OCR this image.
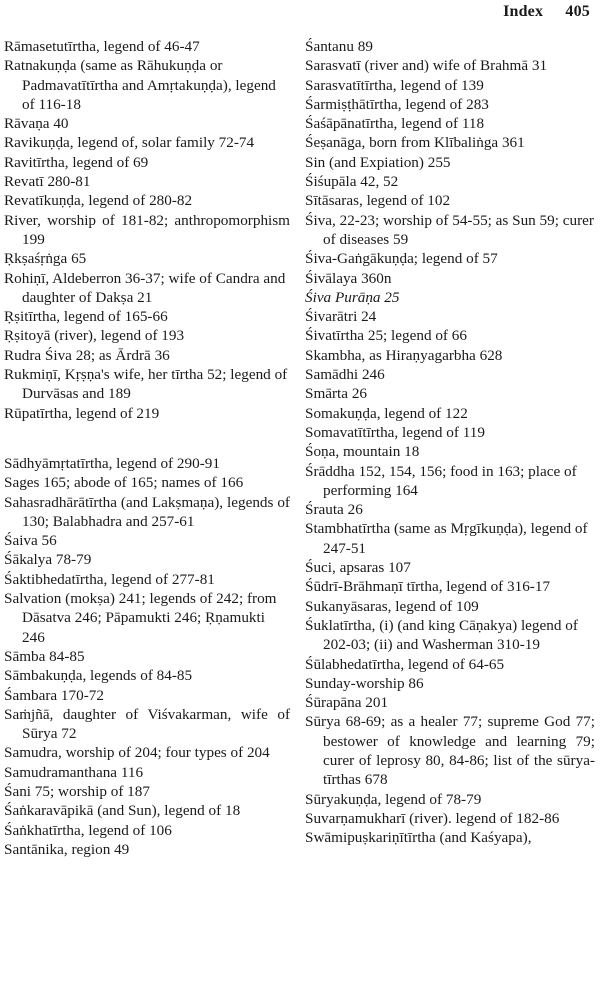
Index 405
Rāmasetutīrtha, legend of 46-47
Ratnakuṇḍa (same as Rāhukuṇḍa or Padmavatītīrtha and Amṛtakuṇḍa), legend of 116-18
Rāvaṇa 40
Ravikuṇḍa, legend of, solar family 72-74
Ravitīrtha, legend of 69
Revatī 280-81
Revatīkuṇḍa, legend of 280-82
River, worship of 181-82; anthropomorphism 199
Ṛkṣaśṛṅga 65
Rohiṇī, Aldeberron 36-37; wife of Candra and daughter of Dakṣa 21
Ṛṣitīrtha, legend of 165-66
Ṛṣitoyā (river), legend of 193
Rudra Śiva 28; as Ārdrā 36
Rukmiṇī, Kṛṣṇa's wife, her tīrtha 52; legend of Durvāsas and 189
Rūpatīrtha, legend of 219
Sādhyāmṛtatīrtha, legend of 290-91
Sages 165; abode of 165; names of 166
Sahasradhārātīrtha (and Lakṣmaṇa), legends of 130; Balabhadra and 257-61
Śaiva 56
Śākalya 78-79
Śaktibhedatīrtha, legend of 277-81
Salvation (mokṣa) 241; legends of 242; from Dāsatva 246; Pāpamukti 246; Ṛṇamukti 246
Sāmba 84-85
Sāmbakuṇḍa, legends of 84-85
Śambara 170-72
Saṁjñā, daughter of Viśvakarman, wife of Sūrya 72
Samudra, worship of 204; four types of 204
Samudramanthana 116
Śani 75; worship of 187
Śaṅkaravāpikā (and Sun), legend of 18
Śaṅkhatīrtha, legend of 106
Santānika, region 49
Śantanu 89
Sarasvatī (river and) wife of Brahmā 31
Sarasvatītīrtha, legend of 139
Śarmiṣṭhātīrtha, legend of 283
Śaśāpānatīrtha, legend of 118
Śeṣanāga, born from Klībaliṅga 361
Sin (and Expiation) 255
Śiśupāla 42, 52
Sītāsaras, legend of 102
Śiva, 22-23; worship of 54-55; as Sun 59; curer of diseases 59
Śiva-Gaṅgākuṇḍa; legend of 57
Śivālaya 360n
Śiva Purāṇa 25
Śivarātri 24
Śivatīrtha 25; legend of 66
Skambha, as Hiraṇyagarbha 628
Samādhi 246
Smārta 26
Somakuṇḍa, legend of 122
Somavatītīrtha, legend of 119
Śoṇa, mountain 18
Śrāddha 152, 154, 156; food in 163; place of performing 164
Śrauta 26
Stambhatīrtha (same as Mṛgīkuṇḍa), legend of 247-51
Śuci, apsaras 107
Śūdrī-Brāhmaṇī tīrtha, legend of 316-17
Sukanyāsaras, legend of 109
Śuklatīrtha, (i) (and king Cāṇakya) legend of 202-03; (ii) and Washerman 310-19
Śūlabhedatīrtha, legend of 64-65
Sunday-worship 86
Śūrapāna 201
Sūrya 68-69; as a healer 77; supreme God 77; bestower of knowledge and learning 79; curer of leprosy 80, 84-86; list of the sūrya-tīrthas 678
Sūryakuṇḍa, legend of 78-79
Suvarṇamukharī (river). legend of 182-86
Swāmipuṣkariṇītīrtha (and Kaśyapa),
